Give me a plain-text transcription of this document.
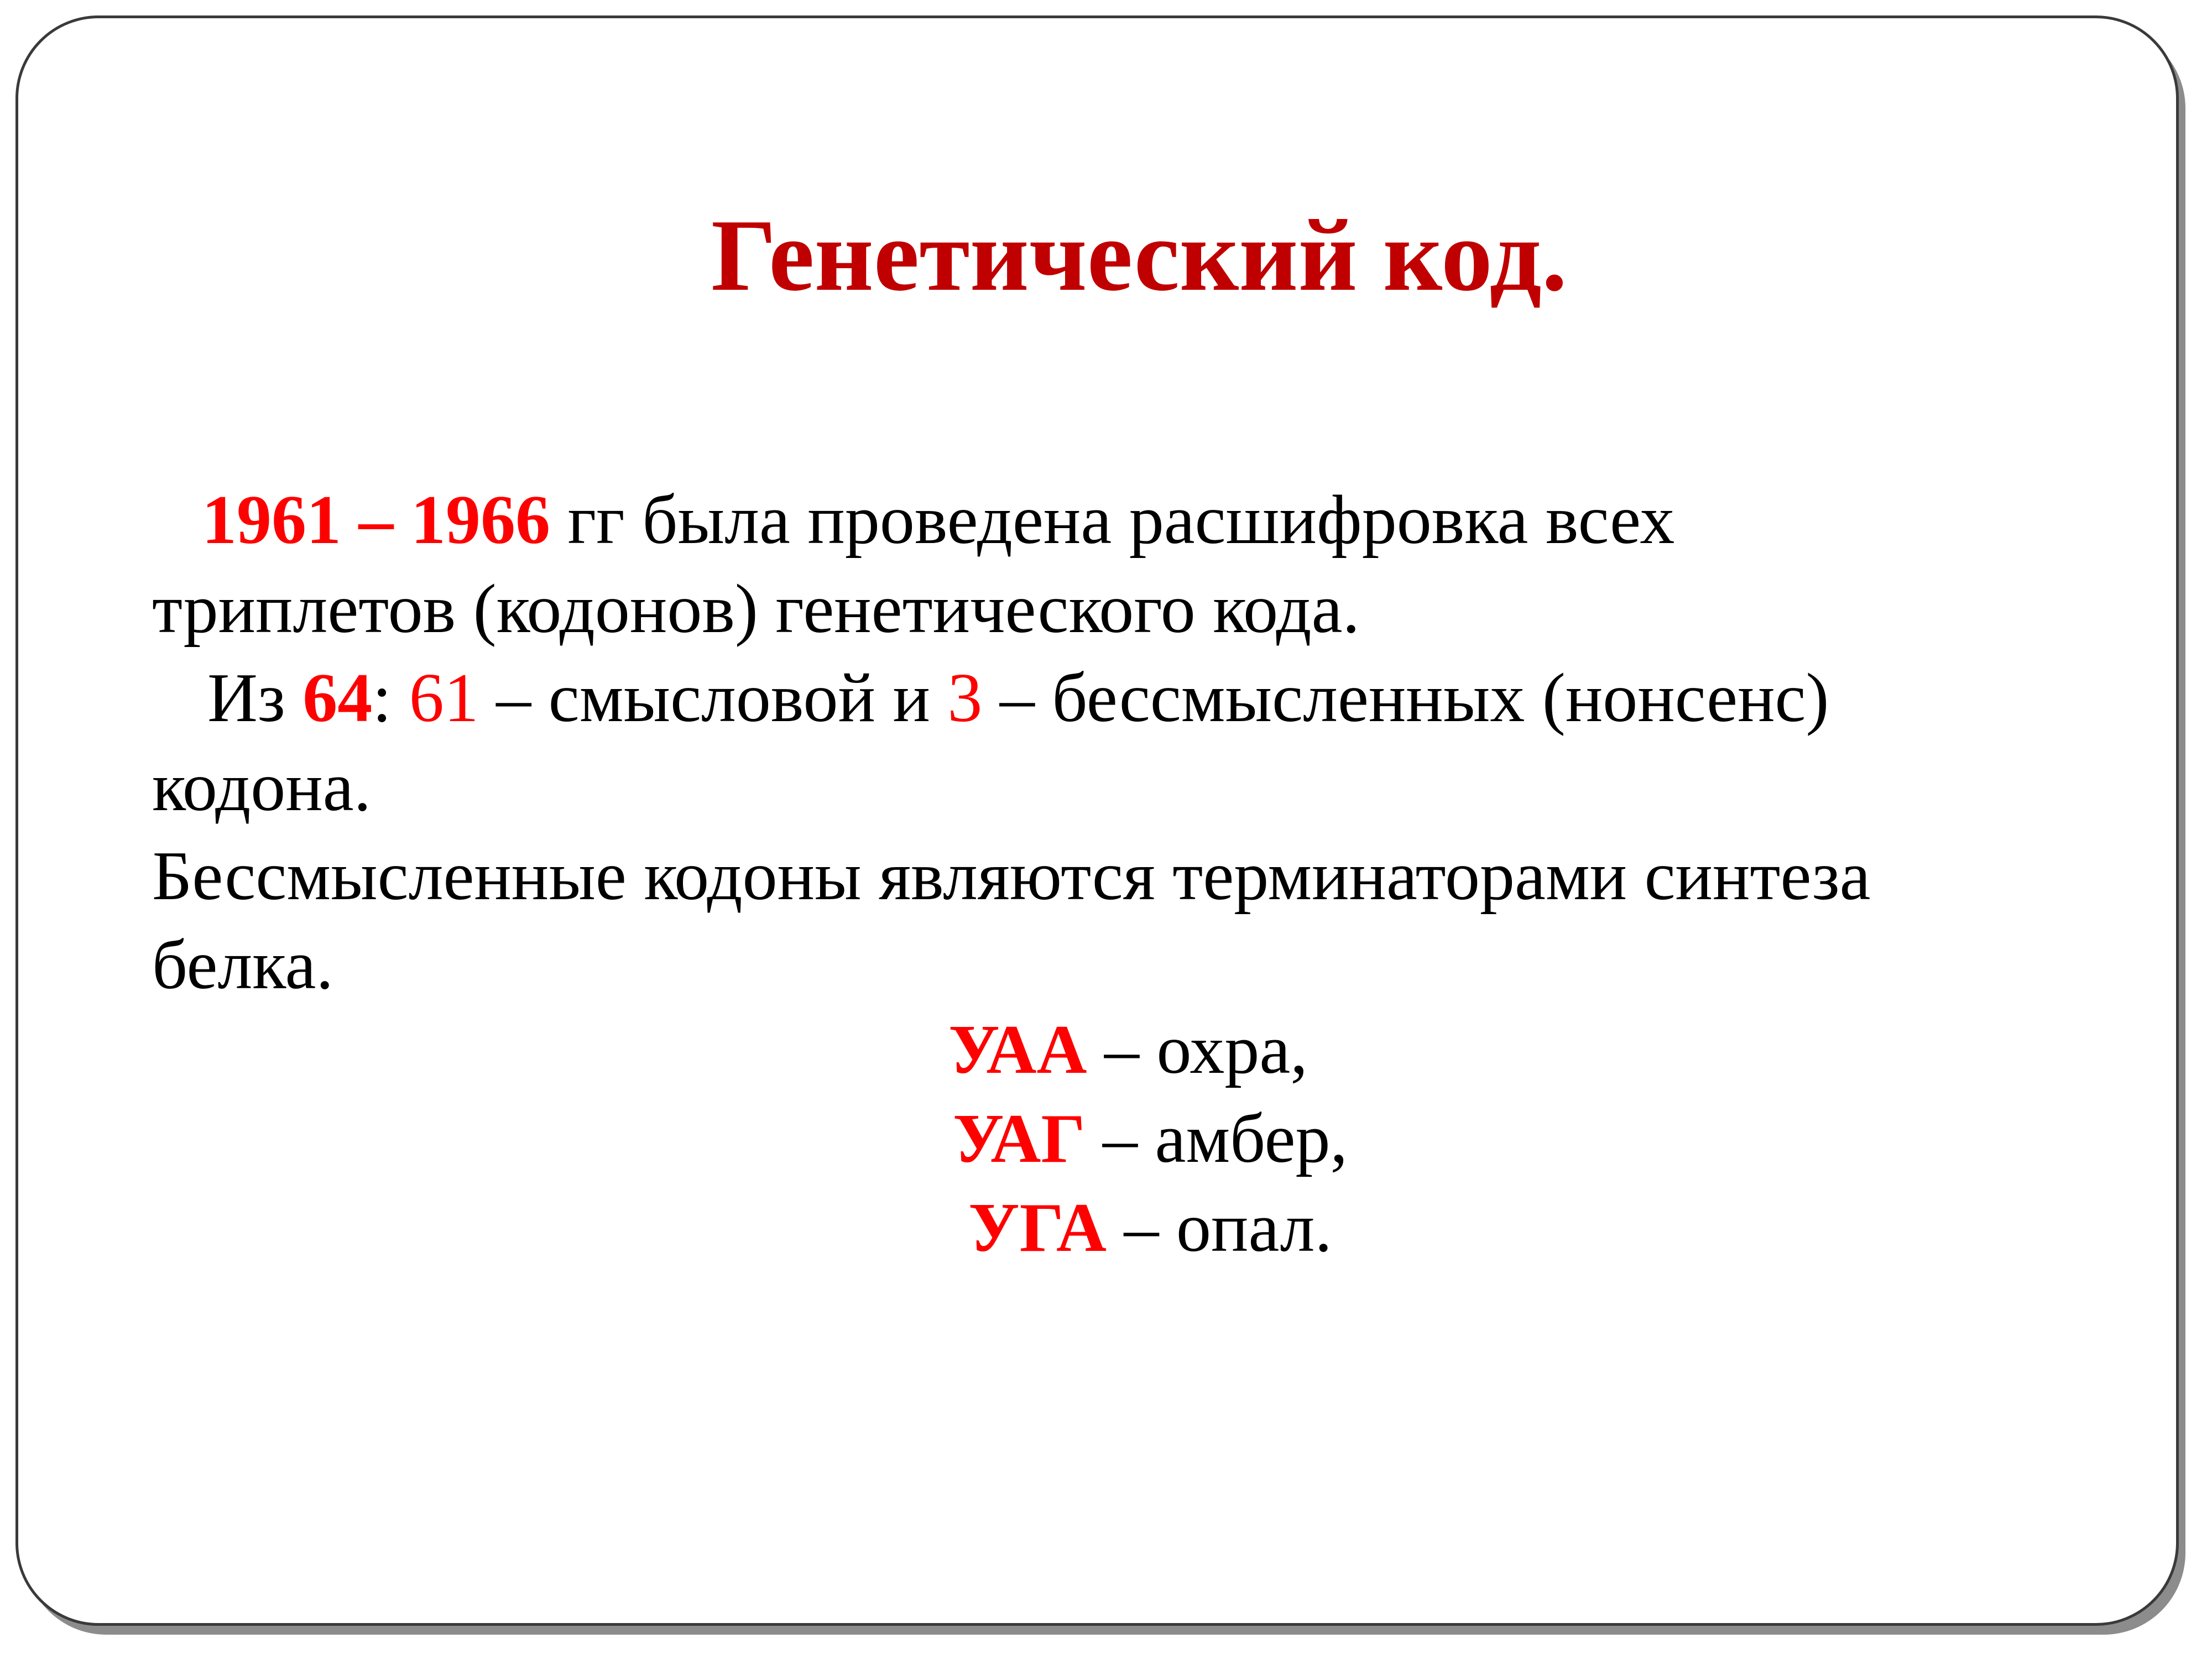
Генетический код.

1961 – 1966 гг была проведена расшифровка всех

триплетов (кодонов) генетического кода.

Из 64: 61 – смысловой и 3 – бессмысленных (нонсенс)

кодона.

Бессмысленные кодоны являются терминаторами синтеза

белка.

УАА – охра,

УАГ – амбер,

УГА – опал.
